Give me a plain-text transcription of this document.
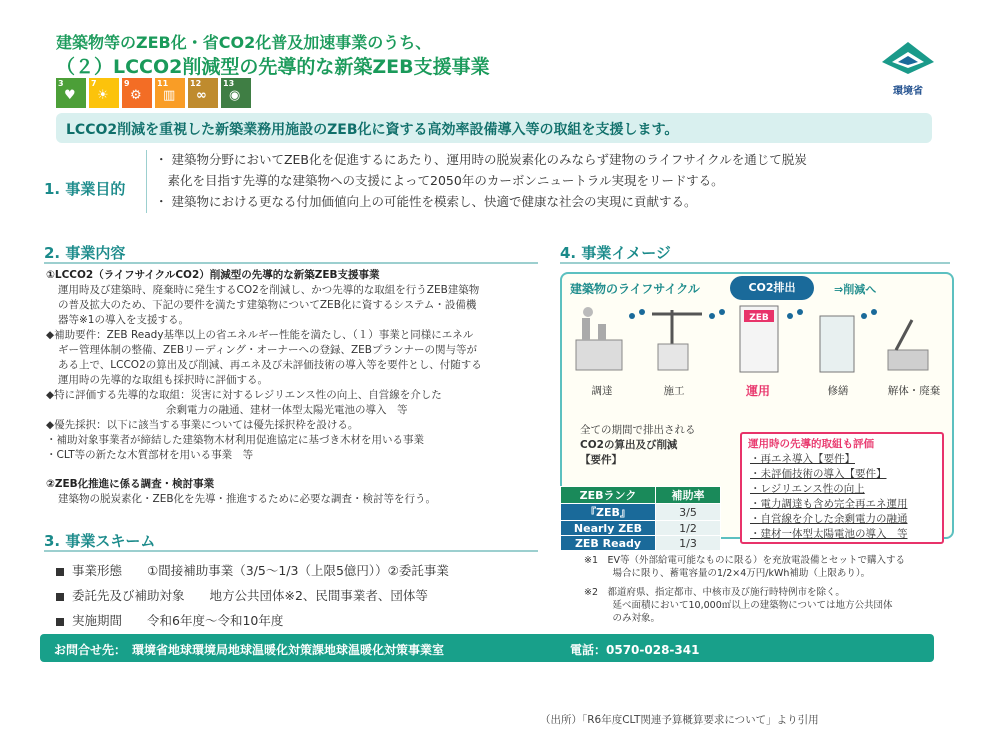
建築物等のZEB化・省CO2化普及加速事業のうち、
（２）LCCO2削減型の先導的な新築ZEB支援事業
3
♥
7
☀
9
⚙
11
▥
12
∞
13
◉	環境省
LCCO2削減を重視した新築業務用施設のZEB化に資する高効率設備導入等の取組を支援します。
1. 事業目的

・ 建築物分野においてZEB化を促進するにあたり、運用時の脱炭素化のみならず建物のライフサイクルを通じて脱炭

　素化を目指す先導的な建築物への支援によって2050年のカーボンニュートラル実現をリードする。

・ 建築物における更なる付加価値向上の可能性を模索し、快適で健康な社会の実現に貢献する。

2. 事業内容

①LCCO2（ライフサイクルCO2）削減型の先導的な新築ZEB支援事業

運用時及び建築時、廃棄時に発生するCO2を削減し、かつ先導的な取組を行うZEB建築物

の普及拡大のため、下記の要件を満たす建築物についてZEB化に資するシステム・設備機

器等※1の導入を支援する。

◆補助要件：ZEB Ready基準以上の省エネルギー性能を満たし、（１）事業と同様にエネル

ギー管理体制の整備、ZEBリーディング・オーナーへの登録、ZEBプランナーの関与等が

ある上で、LCCO2の算出及び削減、再エネ及び未評価技術の導入等を要件とし、付随する

運用時の先導的な取組も採択時に評価する。

◆特に評価する先導的な取組：災害に対するレジリエンス性の向上、自営線を介した

余剰電力の融通、建材一体型太陽光電池の導入　等

◆優先採択：以下に該当する事業については優先採択枠を設ける。

・補助対象事業者が締結した建築物木材利用促進協定に基づき木材を用いる事業

・CLT等の新たな木質部材を用いる事業　等

②ZEB化推進に係る調査・検討事業

建築物の脱炭素化・ZEB化を先導・推進するために必要な調査・検討等を行う。

3. 事業スキーム
事業形態　　①間接補助事業（3/5～1/3（上限5億円））②委託事業
委託先及び補助対象　　地方公共団体※2、民間事業者、団体等
実施期間　　令和6年度～令和10年度
4. 事業イメージ
建築物のライフサイクル	CO2排出	⇒削減へ
ZEB
調達	施工	運用	修繕	解体・廃棄
全ての期間で排出される
CO2の算出及び削減
【要件】
運用時の先導的取組も評価
・再エネ導入【要件】
・未評価技術の導入【要件】
・レジリエンス性の向上
・電力調達も含め完全再エネ運用
・自営線を介した余剰電力の融通
・建材一体型太陽電池の導入　等
ZEBランク	補助率
『ZEB』	3/5
Nearly ZEB	1/2
ZEB Ready	1/3
※1　EV等（外部給電可能なものに限る）を充放電設備とセットで購入する
　　　場合に限り、蓄電容量の1/2×4万円/kWh補助（上限あり）。
※2　都道府県、指定都市、中核市及び施行時特例市を除く。
　　　延べ面積において10,000㎡以上の建築物については地方公共団体
　　　のみ対象。
お問合せ先：　環境省地球環境局地球温暖化対策課地球温暖化対策事業室	電話：0570-028-341
（出所）「R6年度CLT関連予算概算要求について」より引用
